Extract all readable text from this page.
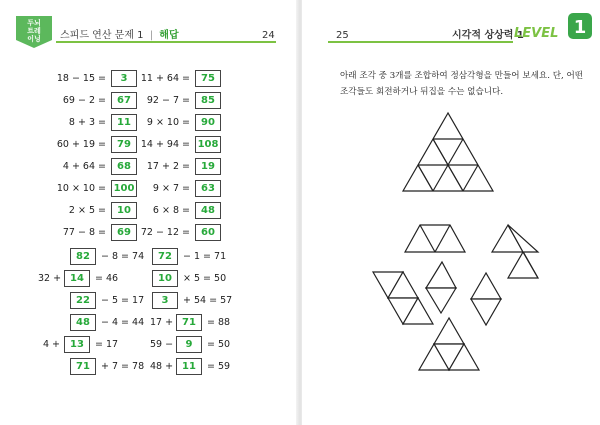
두뇌
트레
이닝 스피드 연산 문제 1 | 해답	24
18 − 15 = 3	11 + 64 = 75
69 − 2 = 67	92 − 7 = 85
8 + 3 = 11	9 × 10 = 90
60 + 19 = 79	14 + 94 = 108
4 + 64 = 68	17 + 2 = 19
10 × 10 = 100	9 × 7 = 63
2 × 5 = 10	6 × 8 = 48
77 − 8 = 69	72 − 12 = 60
82 − 8 = 74	72 − 1 = 71
32 + 14 = 46	10 × 5 = 50
22 − 5 = 17	3 + 54 = 57
48 − 4 = 44 17 + 71 = 88
4 + 13 = 17	59 − 9 = 50
71 + 7 = 78 48 + 11 = 59
25	시각적 상상력 1
LEVEL 1
아래 조각 중 3개를 조합하여 정삼각형을 만들어 보세요. 단, 어떤 조각들도 회전하거나 뒤집을 수는 없습니다.
